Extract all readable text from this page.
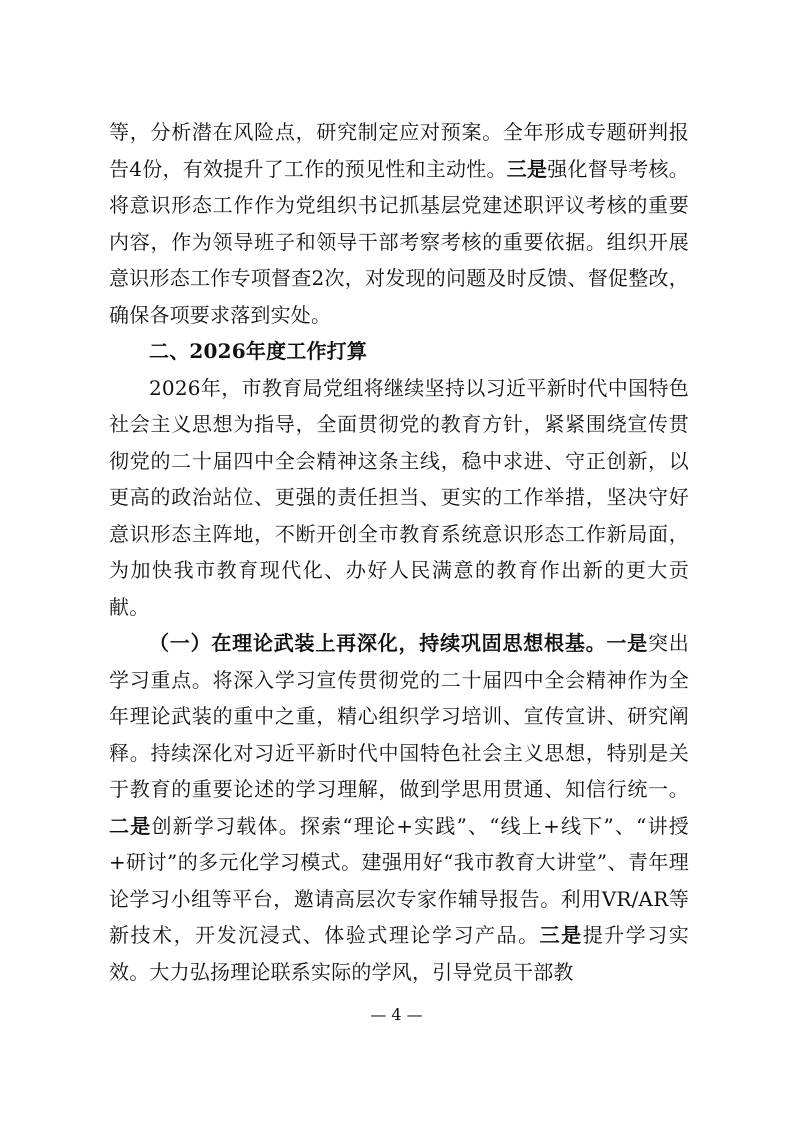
等，分析潜在风险点，研究制定应对预案。全年形成专题研判报告4份，有效提升了工作的预见性和主动性。三是强化督导考核。将意识形态工作作为党组织书记抓基层党建述职评议考核的重要内容，作为领导班子和领导干部考察考核的重要依据。组织开展意识形态工作专项督查2次，对发现的问题及时反馈、督促整改，确保各项要求落到实处。

二、2026年度工作打算

2026年，市教育局党组将继续坚持以习近平新时代中国特色社会主义思想为指导，全面贯彻党的教育方针，紧紧围绕宣传贯彻党的二十届四中全会精神这条主线，稳中求进、守正创新，以更高的政治站位、更强的责任担当、更实的工作举措，坚决守好意识形态主阵地，不断开创全市教育系统意识形态工作新局面，为加快我市教育现代化、办好人民满意的教育作出新的更大贡献。

（一）在理论武装上再深化，持续巩固思想根基。一是突出学习重点。将深入学习宣传贯彻党的二十届四中全会精神作为全年理论武装的重中之重，精心组织学习培训、宣传宣讲、研究阐释。持续深化对习近平新时代中国特色社会主义思想，特别是关于教育的重要论述的学习理解，做到学思用贯通、知信行统一。二是创新学习载体。探索“理论+实践”、“线上+线下”、“讲授+研讨”的多元化学习模式。建强用好“我市教育大讲堂”、青年理论学习小组等平台，邀请高层次专家作辅导报告。利用VR/AR等新技术，开发沉浸式、体验式理论学习产品。三是提升学习实效。大力弘扬理论联系实际的学风，引导党员干部教

— 4 —
